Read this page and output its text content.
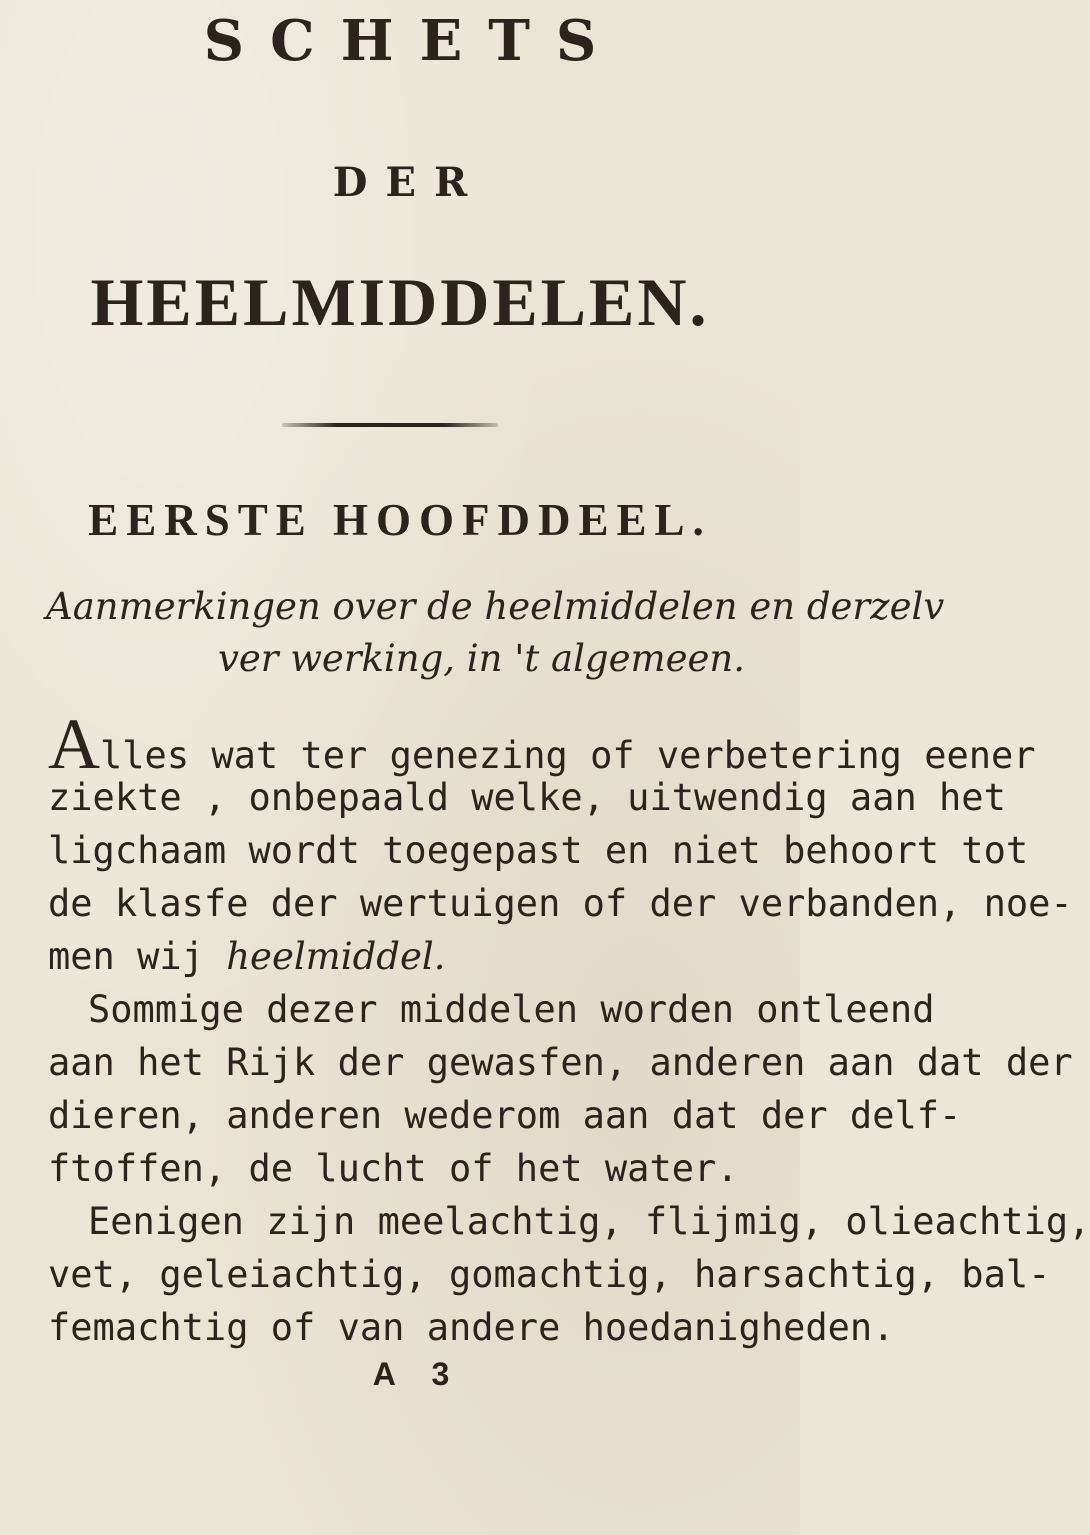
SCHETS
DER
HEELMIDDELEN.
EERSTE HOOFDDEEL.
Aanmerkingen over de heelmiddelen en derzelv
ver werking, in 't algemeen.
Alles wat ter genezing of verbetering eener
ziekte , onbepaald welke, uitwendig aan het
ligchaam wordt toegepast en niet behoort tot
de klasfe der wertuigen of der verbanden, noe‑
men wij heelmiddel.
Sommige dezer middelen worden ontleend
aan het Rijk der gewasfen, anderen aan dat der
dieren, anderen wederom aan dat der delf-
ftoffen, de lucht of het water.
Eenigen zijn meelachtig, flijmig, olieachtig,
vet, geleiachtig, gomachtig, harsachtig, bal-
femachtig of van andere hoedanigheden.
A 3
